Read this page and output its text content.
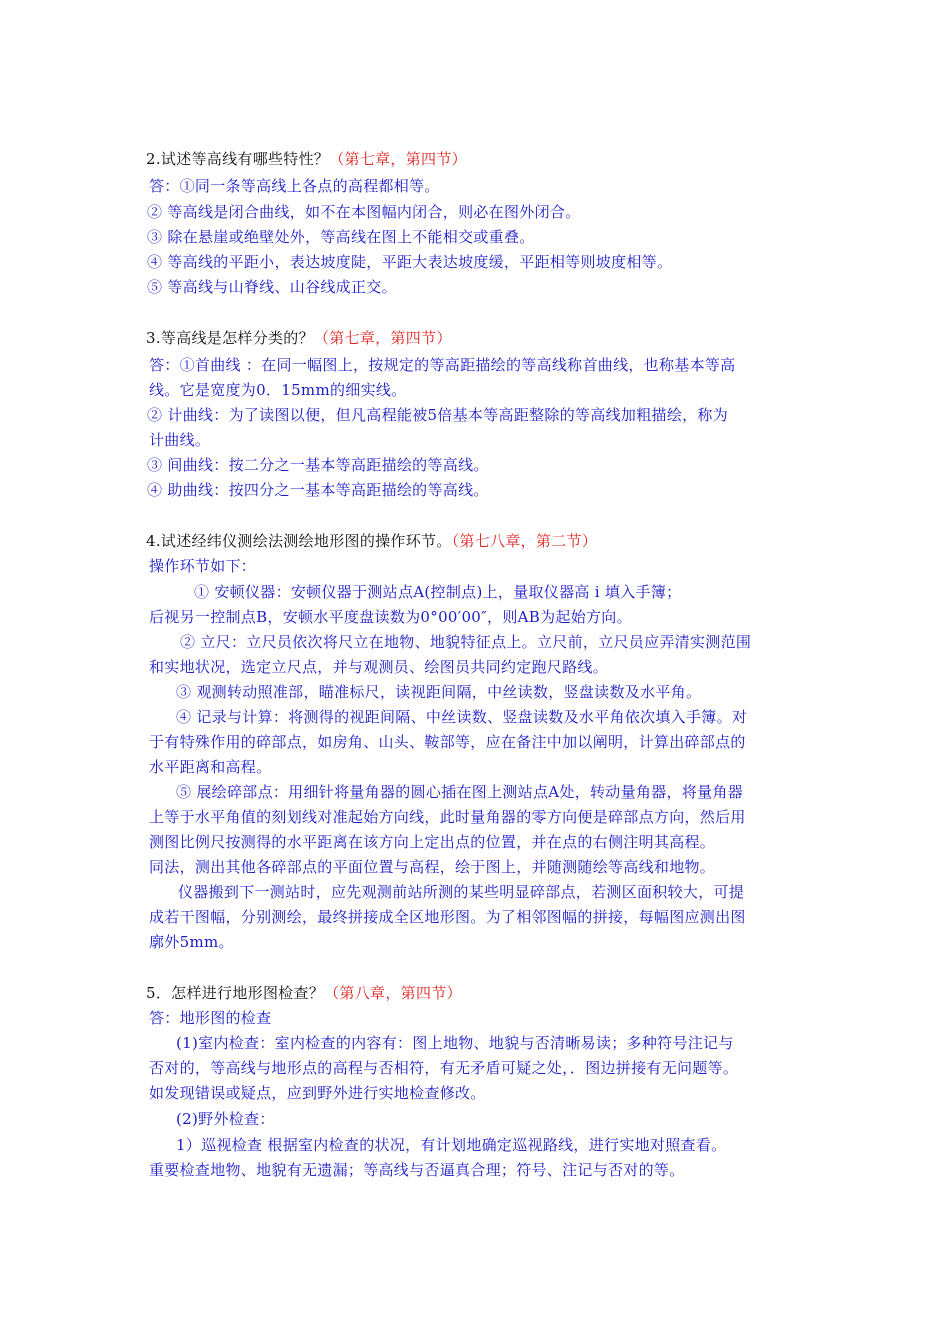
2.试述等高线有哪些特性？（第七章，第四节）
答：①同一条等高线上各点的高程都相等。
② 等高线是闭合曲线，如不在本图幅内闭合，则必在图外闭合。
③ 除在悬崖或绝壁处外，等高线在图上不能相交或重叠。
④ 等高线的平距小，表达坡度陡，平距大表达坡度缓，平距相等则坡度相等。
⑤ 等高线与山脊线、山谷线成正交。
3.等高线是怎样分类的？（第七章，第四节）
答：①首曲线 ：在同一幅图上，按规定的等高距描绘的等高线称首曲线，也称基本等高
线。它是宽度为0．15mm的细实线。
② 计曲线：为了读图以便，但凡高程能被5倍基本等高距整除的等高线加粗描绘，称为
计曲线。
③ 间曲线：按二分之一基本等高距描绘的等高线。
④ 助曲线：按四分之一基本等高距描绘的等高线。
4.试述经纬仪测绘法测绘地形图的操作环节。（第七八章，第二节）
操作环节如下：
① 安顿仪器：安顿仪器于测站点A(控制点)上，量取仪器高 i 填入手簿；
后视另一控制点B，安顿水平度盘读数为0°00′00″，则AB为起始方向。
② 立尺：立尺员依次将尺立在地物、地貌特征点上。立尺前，立尺员应弄清实测范围
和实地状况，选定立尺点，并与观测员、绘图员共同约定跑尺路线。
③ 观测转动照准部，瞄准标尺，读视距间隔，中丝读数，竖盘读数及水平角。
④ 记录与计算：将测得的视距间隔、中丝读数、竖盘读数及水平角依次填入手簿。对
于有特殊作用的碎部点，如房角、山头、鞍部等，应在备注中加以阐明，计算出碎部点的
水平距离和高程。
⑤ 展绘碎部点：用细针将量角器的圆心插在图上测站点A处，转动量角器，将量角器
上等于水平角值的刻划线对准起始方向线，此时量角器的零方向便是碎部点方向，然后用
测图比例尺按测得的水平距离在该方向上定出点的位置，并在点的右侧注明其高程。
同法，测出其他各碎部点的平面位置与高程，绘于图上，并随测随绘等高线和地物。
仪器搬到下一测站时，应先观测前站所测的某些明显碎部点，若测区面积较大，可提
成若干图幅，分别测绘，最终拼接成全区地形图。为了相邻图幅的拼接，每幅图应测出图
廓外5mm。
5．怎样进行地形图检查？（第八章，第四节）
答：地形图的检查
(1)室内检查：室内检查的内容有：图上地物、地貌与否清晰易读；多种符号注记与
否对的，等高线与地形点的高程与否相符，有无矛盾可疑之处，．图边拼接有无问题等。
如发现错误或疑点，应到野外进行实地检查修改。
(2)野外检查：
1）巡视检查 根据室内检查的状况，有计划地确定巡视路线，进行实地对照查看。
重要检查地物、地貌有无遗漏；等高线与否逼真合理；符号、注记与否对的等。
